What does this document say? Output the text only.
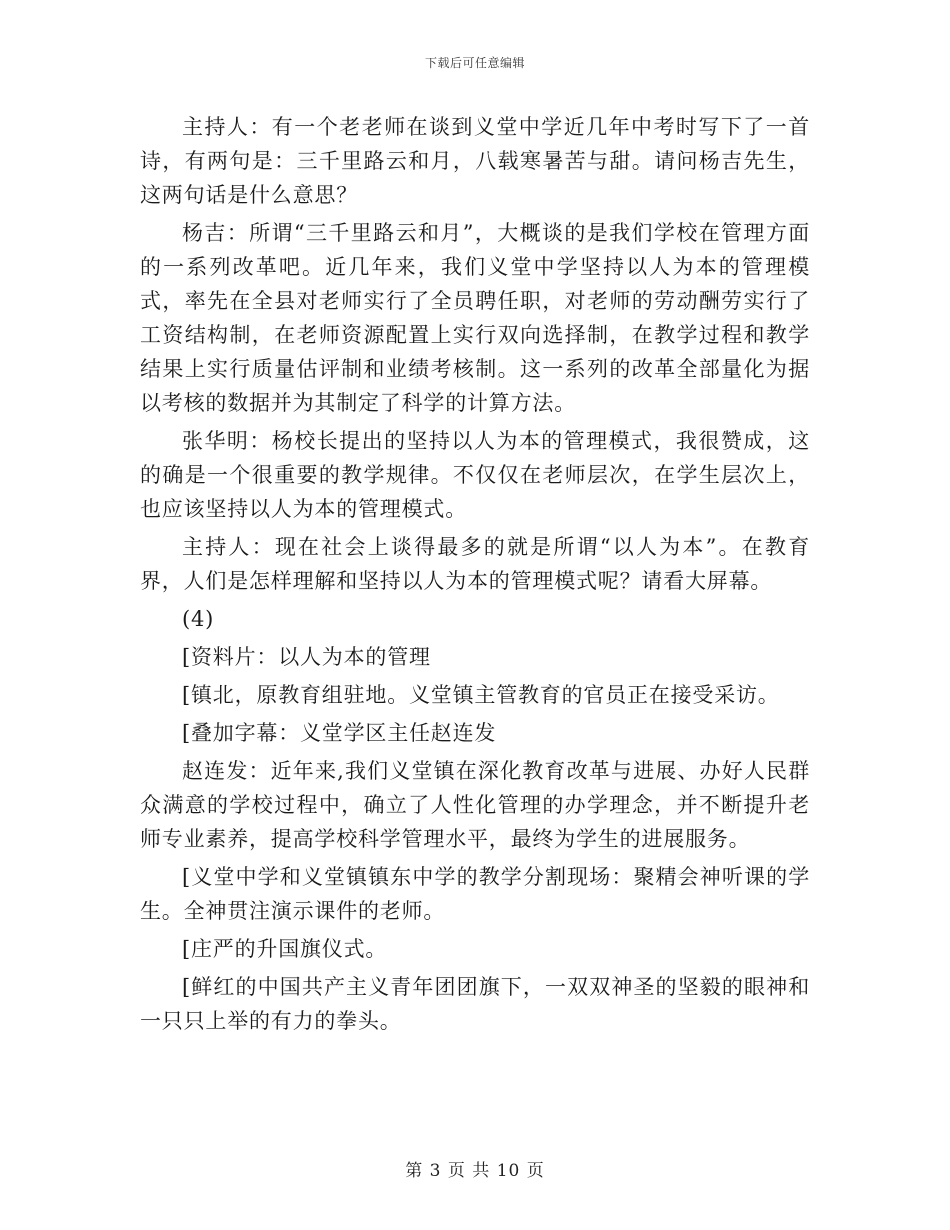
下载后可任意编辑

主持人：有一个老老师在谈到义堂中学近几年中考时写下了一首诗，有两句是：三千里路云和月，八载寒暑苦与甜。请问杨吉先生，这两句话是什么意思？

杨吉：所谓“三千里路云和月”，大概谈的是我们学校在管理方面的一系列改革吧。近几年来，我们义堂中学坚持以人为本的管理模式，率先在全县对老师实行了全员聘任职，对老师的劳动酬劳实行了工资结构制，在老师资源配置上实行双向选择制，在教学过程和教学结果上实行质量估评制和业绩考核制。这一系列的改革全部量化为据以考核的数据并为其制定了科学的计算方法。

张华明：杨校长提出的坚持以人为本的管理模式，我很赞成，这的确是一个很重要的教学规律。不仅仅在老师层次，在学生层次上，也应该坚持以人为本的管理模式。

主持人：现在社会上谈得最多的就是所谓“以人为本”。在教育界，人们是怎样理解和坚持以人为本的管理模式呢？请看大屏幕。

(4)

[资料片：以人为本的管理

[镇北，原教育组驻地。义堂镇主管教育的官员正在接受采访。

[叠加字幕：义堂学区主任赵连发

赵连发：近年来,我们义堂镇在深化教育改革与进展、办好人民群众满意的学校过程中，确立了人性化管理的办学理念，并不断提升老师专业素养，提高学校科学管理水平，最终为学生的进展服务。

[义堂中学和义堂镇镇东中学的教学分割现场：聚精会神听课的学生。全神贯注演示课件的老师。

[庄严的升国旗仪式。

[鲜红的中国共产主义青年团团旗下，一双双神圣的坚毅的眼神和一只只上举的有力的拳头。

第 3 页 共 10 页
